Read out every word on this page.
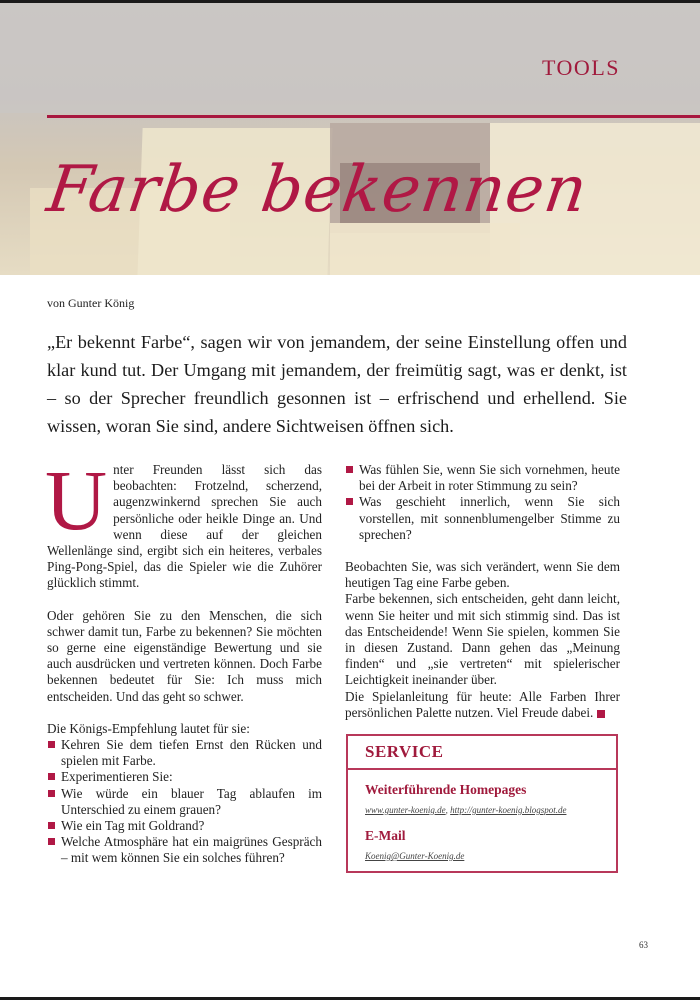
TOOLS
Farbe bekennen
von Gunter König
„Er bekennt Farbe“, sagen wir von jemandem, der seine Einstellung offen und klar kund tut. Der Umgang mit jemandem, der freimütig sagt, was er denkt, ist – so der Sprecher freundlich gesonnen ist – erfrischend und erhellend. Sie wissen, woran Sie sind, andere Sichtweisen öffnen sich.

Unter Freunden lässt sich das beobachten: Frotzelnd, scherzend, augenzwinkernd sprechen Sie auch persönliche oder heikle Dinge an. Und wenn diese auf der gleichen Wellenlänge sind, ergibt sich ein heiteres, verbales Ping-Pong-Spiel, das die Spieler wie die Zuhörer glücklich stimmt.

Oder gehören Sie zu den Menschen, die sich schwer damit tun, Farbe zu bekennen? Sie möchten so gerne eine eigenständige Bewertung und sie auch ausdrücken und vertreten können. Doch Farbe bekennen bedeutet für Sie: Ich muss mich entscheiden. Und das geht so schwer.

Die Königs-Empfehlung lautet für sie:

Kehren Sie dem tiefen Ernst den Rücken und spielen mit Farbe.
Experimentieren Sie:
Wie würde ein blauer Tag ablaufen im Unterschied zu einem grauen?
Wie ein Tag mit Goldrand?
Welche Atmosphäre hat ein maigrünes Gespräch – mit wem können Sie ein solches führen?
Was fühlen Sie, wenn Sie sich vornehmen, heute bei der Arbeit in roter Stimmung zu sein?
Was geschieht innerlich, wenn Sie sich vorstellen, mit sonnenblumengelber Stimme zu sprechen?

Beobachten Sie, was sich verändert, wenn Sie dem heutigen Tag eine Farbe geben.

Farbe bekennen, sich entscheiden, geht dann leicht, wenn Sie heiter und mit sich stimmig sind. Das ist das Entscheidende! Wenn Sie spielen, kommen Sie in diesen Zustand. Dann gehen das „Meinung finden“ und „sie vertreten“ mit spielerischer Leichtigkeit ineinander über.

Die Spielanleitung für heute: Alle Farben Ihrer persönlichen Palette nutzen. Viel Freude dabei.

SERVICE

Weiterführende Homepages

www.gunter-koenig.de, http://gunter-koenig.blogspot.de

E-Mail

Koenig@Gunter-Koenig.de
63
